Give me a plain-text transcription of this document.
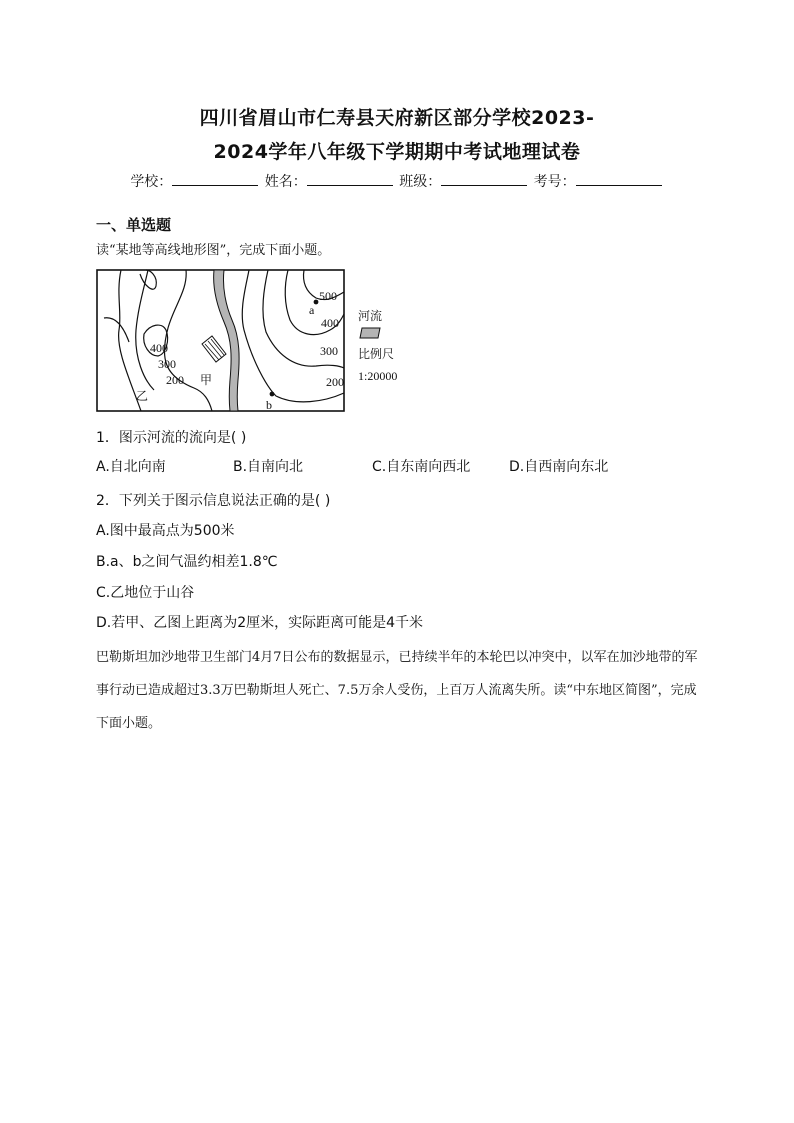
四川省眉山市仁寿县天府新区部分学校2023-
2024学年八年级下学期期中考试地理试卷
学校：	姓名：	班级：	考号：
一、单选题
读“某地等高线地形图”，完成下面小题。
500
400
300
200
400
300
200
a
b
甲
乙
河流
比例尺
1:20000
1．图示河流的流向是( )
A.自北向南	B.自南向北	C.自东南向西北	D.自西南向东北
2．下列关于图示信息说法正确的是( )
A.图中最高点为500米
B.a、b之间气温约相差1.8℃
C.乙地位于山谷
D.若甲、乙图上距离为2厘米，实际距离可能是4千米
巴勒斯坦加沙地带卫生部门4月7日公布的数据显示，已持续半年的本轮巴以冲突中，以军在加沙地带的军事行动已造成超过3.3万巴勒斯坦人死亡、7.5万余人受伤，上百万人流离失所。读“中东地区简图”，完成下面小题。
